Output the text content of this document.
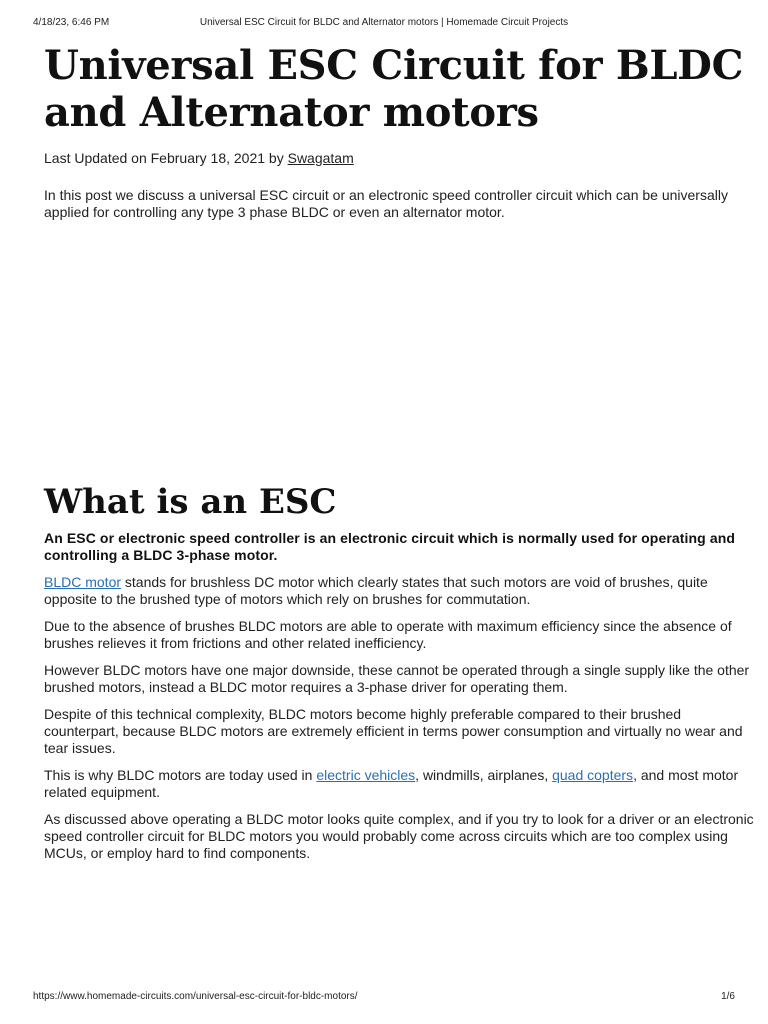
4/18/23, 6:46 PM	Universal ESC Circuit for BLDC and Alternator motors | Homemade Circuit Projects
Universal ESC Circuit for BLDC and Alternator motors
Last Updated on February 18, 2021 by Swagatam

In this post we discuss a universal ESC circuit or an electronic speed controller circuit which can be universally applied for controlling any type 3 phase BLDC or even an alternator motor.

What is an ESC

An ESC or electronic speed controller is an electronic circuit which is normally used for operating and controlling a BLDC 3-phase motor.

BLDC motor stands for brushless DC motor which clearly states that such motors are void of brushes, quite opposite to the brushed type of motors which rely on brushes for commutation.

Due to the absence of brushes BLDC motors are able to operate with maximum efficiency since the absence of brushes relieves it from frictions and other related inefficiency.

However BLDC motors have one major downside, these cannot be operated through a single supply like the other brushed motors, instead a BLDC motor requires a 3-phase driver for operating them.

Despite of this technical complexity, BLDC motors become highly preferable compared to their brushed counterpart, because BLDC motors are extremely efficient in terms power consumption and virtually no wear and tear issues.

This is why BLDC motors are today used in electric vehicles, windmills, airplanes, quad copters, and most motor related equipment.

As discussed above operating a BLDC motor looks quite complex, and if you try to look for a driver or an electronic speed controller circuit for BLDC motors you would probably come across circuits which are too complex using MCUs, or employ hard to find components.

https://www.homemade-circuits.com/universal-esc-circuit-for-bldc-motors/	1/6
